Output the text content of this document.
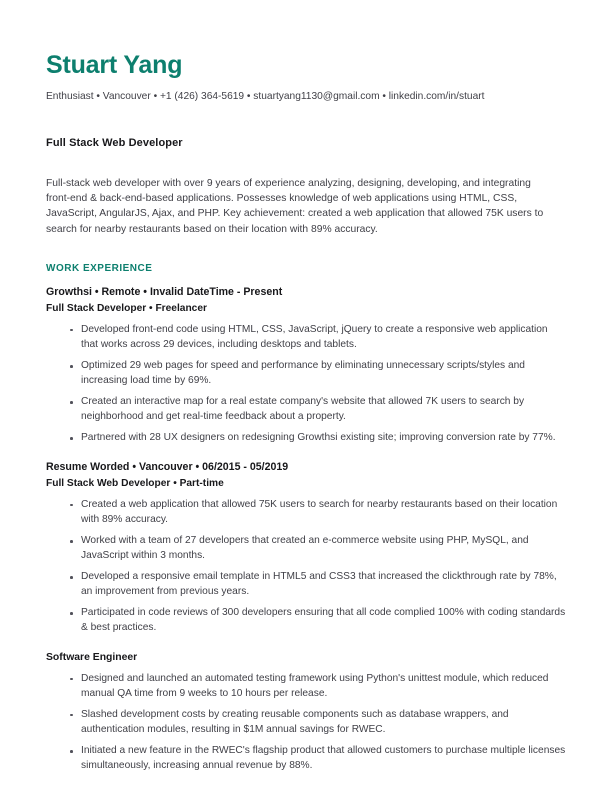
Stuart Yang

Enthusiast • Vancouver • +1 (426) 364-5619 • stuartyang1130@gmail.com • linkedin.com/in/stuart

Full Stack Web Developer

Full-stack web developer with over 9 years of experience analyzing, designing, developing, and integrating front-end & back-end-based applications. Possesses knowledge of web applications using HTML, CSS, JavaScript, AngularJS, Ajax, and PHP. Key achievement: created a web application that allowed 75K users to search for nearby restaurants based on their location with 89% accuracy.

WORK EXPERIENCE

Growthsi • Remote • Invalid DateTime - Present

Full Stack Developer • Freelancer

Developed front-end code using HTML, CSS, JavaScript, jQuery to create a responsive web application that works across 29 devices, including desktops and tablets.
Optimized 29 web pages for speed and performance by eliminating unnecessary scripts/styles and increasing load time by 69%.
Created an interactive map for a real estate company's website that allowed 7K users to search by neighborhood and get real-time feedback about a property.
Partnered with 28 UX designers on redesigning Growthsi existing site; improving conversion rate by 77%.

Resume Worded • Vancouver • 06/2015 - 05/2019

Full Stack Web Developer • Part-time

Created a web application that allowed 75K users to search for nearby restaurants based on their location with 89% accuracy.
Worked with a team of 27 developers that created an e-commerce website using PHP, MySQL, and JavaScript within 3 months.
Developed a responsive email template in HTML5 and CSS3 that increased the clickthrough rate by 78%, an improvement from previous years.
Participated in code reviews of 300 developers ensuring that all code complied 100% with coding standards & best practices.

Software Engineer

Designed and launched an automated testing framework using Python's unittest module, which reduced manual QA time from 9 weeks to 10 hours per release.
Slashed development costs by creating reusable components such as database wrappers, and authentication modules, resulting in $1M annual savings for RWEC.
Initiated a new feature in the RWEC's flagship product that allowed customers to purchase multiple licenses simultaneously, increasing annual revenue by 88%.
